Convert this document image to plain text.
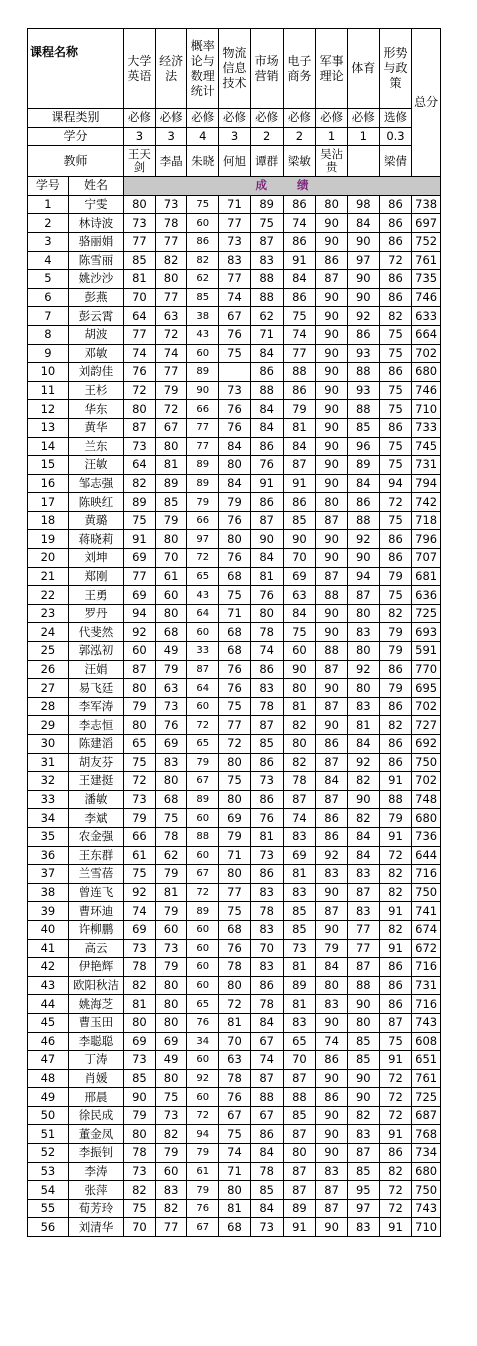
课程名称		大学英语	经济法	概率论与数理统计	物流信息技术	市场营销	电子商务	军事理论	体育	形势与政策	总分
课程类别		必修	必修	必修	必修	必修	必修	必修	必修	选修	
学分		3	3	4	3	2	2	1	1	0.3	
教师		王天剑	李晶	朱晓	何旭	谭群	梁敏	吴沾贵		梁倩	
学号	姓名	成绩									
1	宁雯	80	73	75	71	89	86	80	98	86	738
2	林诗波	73	78	60	77	75	74	90	84	86	697
3	骆丽娟	77	77	86	73	87	86	90	90	86	752
4	陈雪丽	85	82	82	83	83	91	86	97	72	761
5	姚沙沙	81	80	62	77	88	84	87	90	86	735
6	彭燕	70	77	85	74	88	86	90	90	86	746
7	彭云霄	64	63	38	67	62	75	90	92	82	633
8	胡波	77	72	43	76	71	74	90	86	75	664
9	邓敏	74	74	60	75	84	77	90	93	75	702
10	刘韵佳	76	77	89		86	88	90	88	86	680
11	王杉	72	79	90	73	88	86	90	93	75	746
12	华东	80	72	66	76	84	79	90	88	75	710
13	黄华	87	67	77	76	84	81	90	85	86	733
14	兰东	73	80	77	84	86	84	90	96	75	745
15	汪敏	64	81	89	80	76	87	90	89	75	731
16	邹志强	82	89	89	84	91	91	90	84	94	794
17	陈映红	89	85	79	79	86	86	80	86	72	742
18	黄璐	75	79	66	76	87	85	87	88	75	718
19	蒋晓莉	91	80	97	80	90	90	90	92	86	796
20	刘坤	69	70	72	76	84	70	90	90	86	707
21	郑刚	77	61	65	68	81	69	87	94	79	681
22	王勇	69	60	43	75	76	63	88	87	75	636
23	罗丹	94	80	64	71	80	84	90	80	82	725
24	代斐然	92	68	60	68	78	75	90	83	79	693
25	郭泓初	60	49	33	68	74	60	88	80	79	591
26	汪娟	87	79	87	76	86	90	87	92	86	770
27	易飞廷	80	63	64	76	83	80	90	80	79	695
28	李军涛	79	73	60	75	78	81	87	83	86	702
29	李志恒	80	76	72	77	87	82	90	81	82	727
30	陈建滔	65	69	65	72	85	80	86	84	86	692
31	胡友芬	75	83	79	80	86	82	87	92	86	750
32	王建挺	72	80	67	75	73	78	84	82	91	702
33	潘敏	73	68	89	80	86	87	87	90	88	748
34	李斌	79	75	60	69	76	74	86	82	79	680
35	农金强	66	78	88	79	81	83	86	84	91	736
36	王东群	61	62	60	71	73	69	92	84	72	644
37	兰雪蓓	75	79	67	80	86	81	83	83	82	716
38	曾连飞	92	81	72	77	83	83	90	87	82	750
39	曹环迪	74	79	89	75	78	85	87	83	91	741
40	许柳鹏	69	60	60	68	83	85	90	77	82	674
41	高云	73	73	60	76	70	73	79	77	91	672
42	伊艳辉	78	79	60	78	83	81	84	87	86	716
43	欧阳秋洁	82	80	60	80	86	89	80	88	86	731
44	姚海芝	81	80	65	72	78	81	83	90	86	716
45	曹玉田	80	80	76	81	84	83	90	80	87	743
46	李聪聪	69	69	34	70	67	65	74	85	75	608
47	丁涛	73	49	60	63	74	70	86	85	91	651
48	肖媛	85	80	92	78	87	87	90	90	72	761
49	邢晨	90	75	60	76	88	88	86	90	72	725
50	徐民成	79	73	72	67	67	85	90	82	72	687
51	董金凤	80	82	94	75	86	87	90	83	91	768
52	李振钊	78	79	79	74	84	80	90	87	86	734
53	李涛	73	60	61	71	78	87	83	85	82	680
54	张萍	82	83	79	80	85	87	87	95	72	750
55	荀芳玲	75	82	76	81	84	89	87	97	72	743
56	刘清华	70	77	67	68	73	91	90	83	91	710
